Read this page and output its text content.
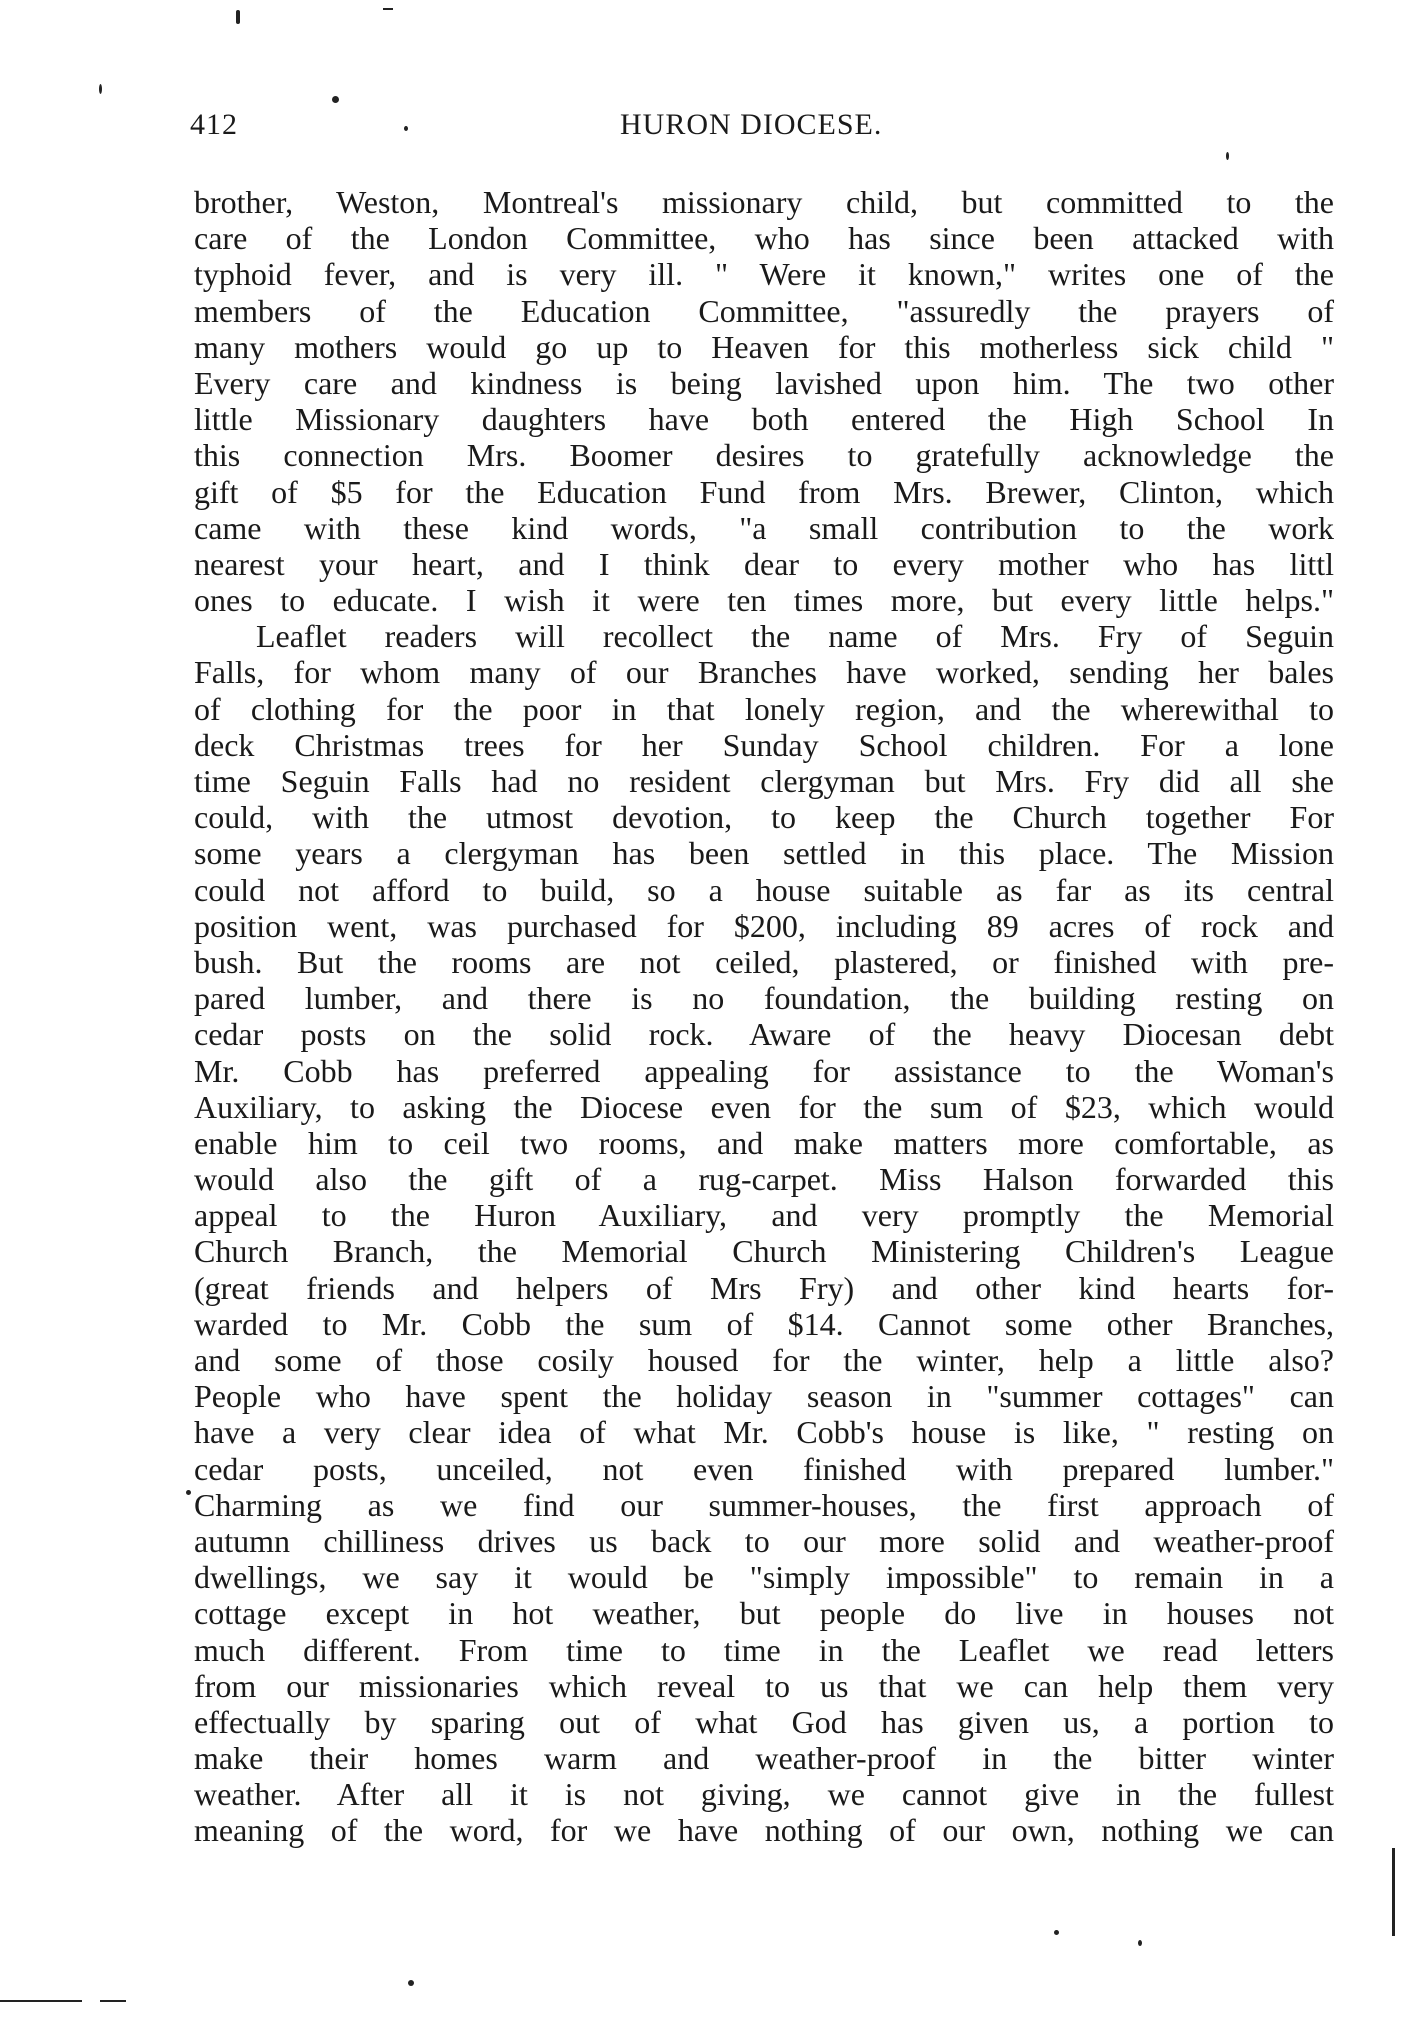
412	HURON DIOCESE.
brother, Weston, Montreal's missionary child, but committed to the
care of the London Committee, who has since been attacked with
typhoid fever, and is very ill. " Were it known," writes one of the
members of the Education Committee, "assuredly the prayers of
many mothers would go up to Heaven for this motherless sick child "
Every care and kindness is being lavished upon him. The two other
little Missionary daughters have both entered the High School In
this connection Mrs. Boomer desires to gratefully acknowledge the
gift of $5 for the Education Fund from Mrs. Brewer, Clinton, which
came with these kind words, "a small contribution to the work
nearest your heart, and I think dear to every mother who has littl
ones to educate. I wish it were ten times more, but every little helps."
Leaflet readers will recollect the name of Mrs. Fry of Seguin
Falls, for whom many of our Branches have worked, sending her bales
of clothing for the poor in that lonely region, and the wherewithal to
deck Christmas trees for her Sunday School children. For a lone
time Seguin Falls had no resident clergyman but Mrs. Fry did all she
could, with the utmost devotion, to keep the Church together For
some years a clergyman has been settled in this place. The Mission
could not afford to build, so a house suitable as far as its central
position went, was purchased for $200, including 89 acres of rock and
bush. But the rooms are not ceiled, plastered, or finished with pre-
pared lumber, and there is no foundation, the building resting on
cedar posts on the solid rock. Aware of the heavy Diocesan debt
Mr. Cobb has preferred appealing for assistance to the Woman's
Auxiliary, to asking the Diocese even for the sum of $23, which would
enable him to ceil two rooms, and make matters more comfortable, as
would also the gift of a rug-carpet. Miss Halson forwarded this
appeal to the Huron Auxiliary, and very promptly the Memorial
Church Branch, the Memorial Church Ministering Children's League
(great friends and helpers of Mrs Fry) and other kind hearts for-
warded to Mr. Cobb the sum of $14. Cannot some other Branches,
and some of those cosily housed for the winter, help a little also?
People who have spent the holiday season in "summer cottages" can
have a very clear idea of what Mr. Cobb's house is like, " resting on
cedar posts, unceiled, not even finished with prepared lumber."
Charming as we find our summer-houses, the first approach of
autumn chilliness drives us back to our more solid and weather-proof
dwellings, we say it would be "simply impossible" to remain in a
cottage except in hot weather, but people do live in houses not
much different. From time to time in the Leaflet we read letters
from our missionaries which reveal to us that we can help them very
effectually by sparing out of what God has given us, a portion to
make their homes warm and weather-proof in the bitter winter
weather. After all it is not giving, we cannot give in the fullest
meaning of the word, for we have nothing of our own, nothing we can
